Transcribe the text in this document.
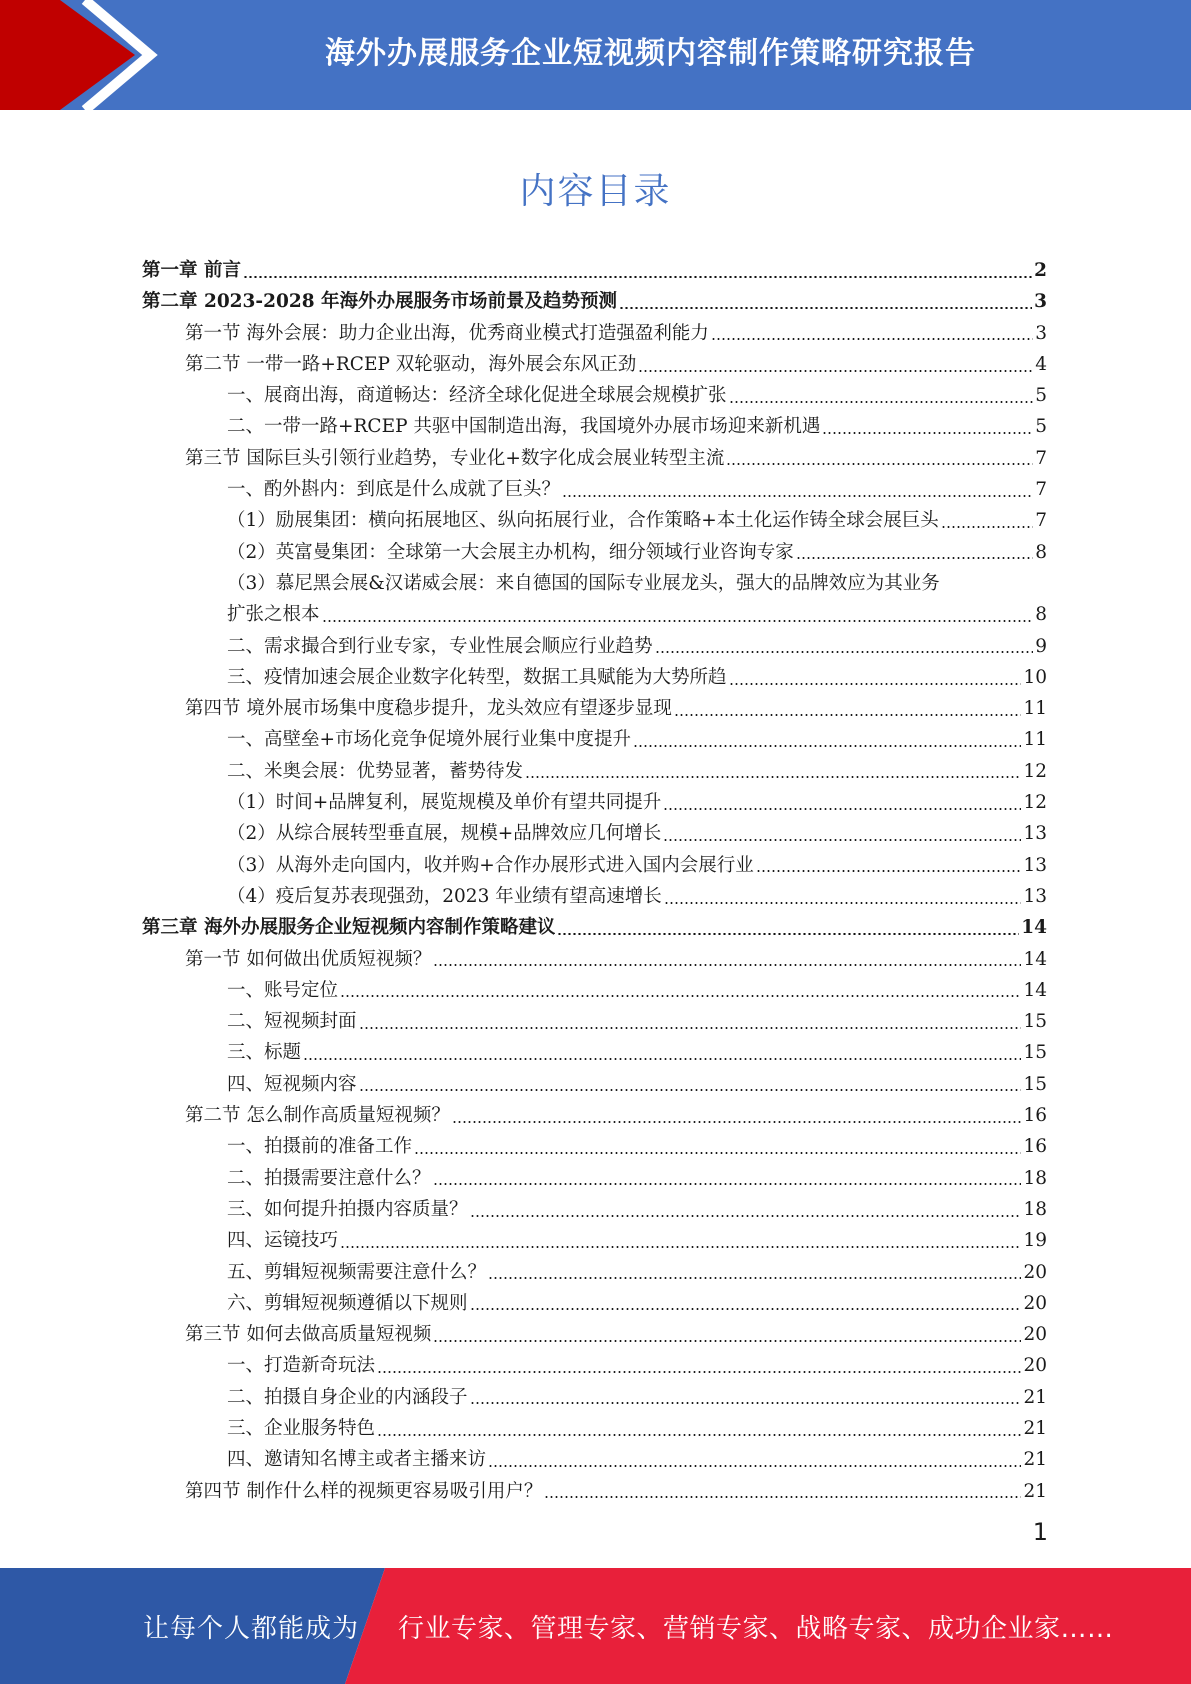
海外办展服务企业短视频内容制作策略研究报告
内容目录
第一章 前言	2
第二章 2023-2028 年海外办展服务市场前景及趋势预测	3
第一节 海外会展：助力企业出海，优秀商业模式打造强盈利能力	3
第二节 一带一路+RCEP 双轮驱动，海外展会东风正劲	4
一、展商出海，商道畅达：经济全球化促进全球展会规模扩张	5
二、一带一路+RCEP 共驱中国制造出海，我国境外办展市场迎来新机遇	5
第三节 国际巨头引领行业趋势，专业化+数字化成会展业转型主流	7
一、酌外斟内：到底是什么成就了巨头？	7
（1）励展集团：横向拓展地区、纵向拓展行业，合作策略+本土化运作铸全球会展巨头	7
（2）英富曼集团：全球第一大会展主办机构，细分领域行业咨询专家	8
（3）慕尼黑会展&汉诺威会展：来自德国的国际专业展龙头，强大的品牌效应为其业务
扩张之根本	8
二、需求撮合到行业专家，专业性展会顺应行业趋势	9
三、疫情加速会展企业数字化转型，数据工具赋能为大势所趋	10
第四节 境外展市场集中度稳步提升，龙头效应有望逐步显现	11
一、高壁垒+市场化竞争促境外展行业集中度提升	11
二、米奥会展：优势显著，蓄势待发	12
（1）时间+品牌复利，展览规模及单价有望共同提升	12
（2）从综合展转型垂直展，规模+品牌效应几何增长	13
（3）从海外走向国内，收并购+合作办展形式进入国内会展行业	13
（4）疫后复苏表现强劲，2023 年业绩有望高速增长	13
第三章 海外办展服务企业短视频内容制作策略建议	14
第一节 如何做出优质短视频？	14
一、账号定位	14
二、短视频封面	15
三、标题	15
四、短视频内容	15
第二节 怎么制作高质量短视频？	16
一、拍摄前的准备工作	16
二、拍摄需要注意什么？	18
三、如何提升拍摄内容质量？	18
四、运镜技巧	19
五、剪辑短视频需要注意什么？	20
六、剪辑短视频遵循以下规则	20
第三节 如何去做高质量短视频	20
一、打造新奇玩法	20
二、拍摄自身企业的内涵段子	21
三、企业服务特色	21
四、邀请知名博主或者主播来访	21
第四节 制作什么样的视频更容易吸引用户？	21
1
让每个人都能成为 行业专家、管理专家、营销专家、战略专家、成功企业家……
